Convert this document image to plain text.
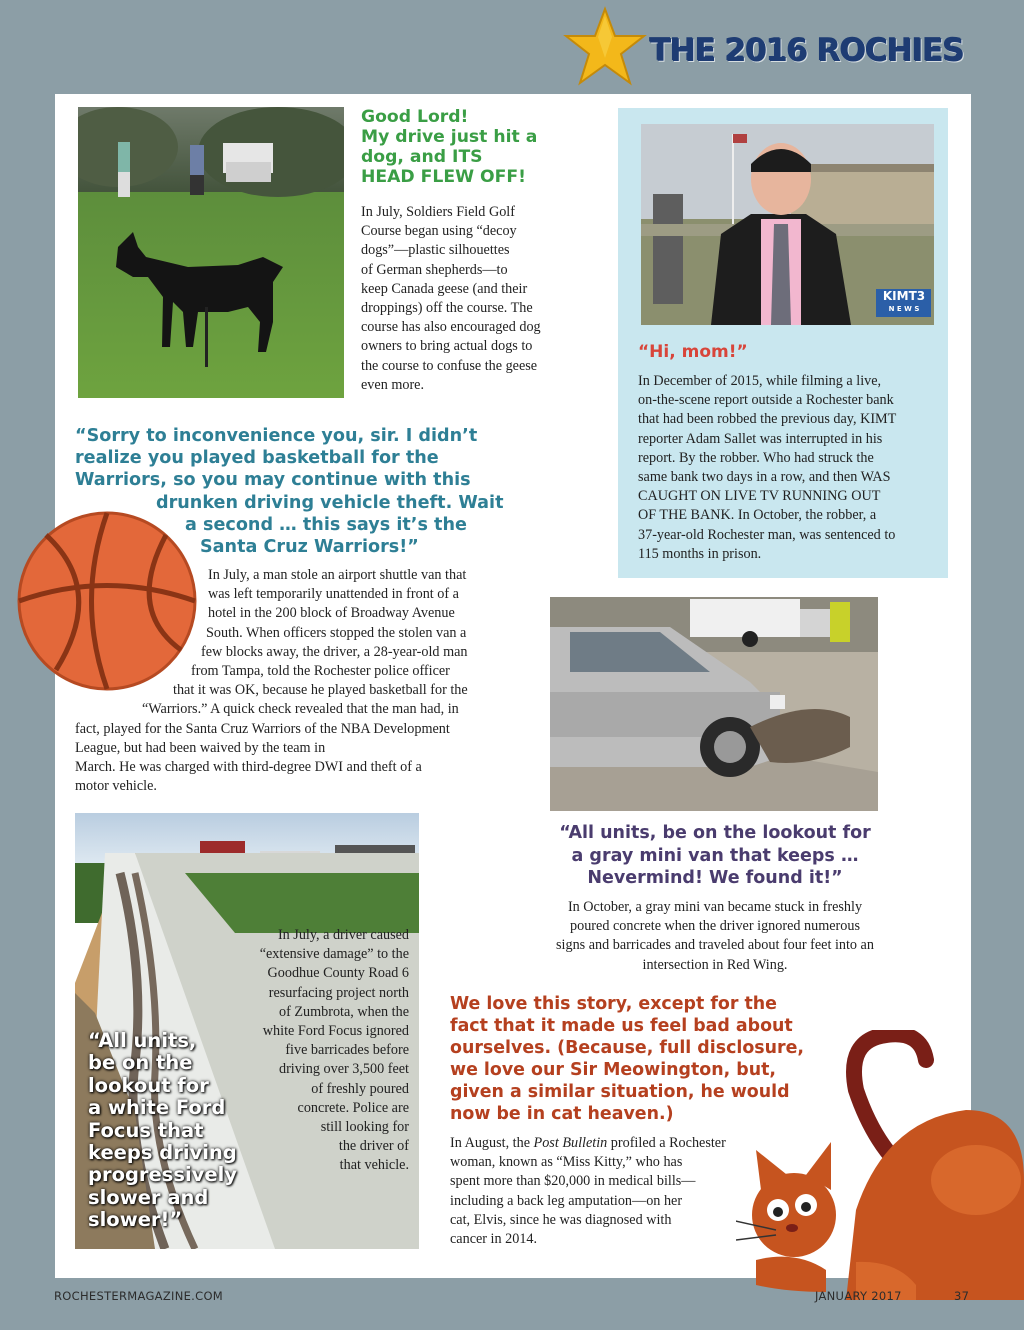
THE 2016 ROCHIES
Good Lord!
My drive just hit a
dog, and ITS
HEAD FLEW OFF!
In July, Soldiers Field Golf
Course began using “decoy
dogs”—plastic silhouettes
of German shepherds—to
keep Canada geese (and their
droppings) off the course. The
course has also encouraged dog
owners to bring actual dogs to
the course to confuse the geese
even more.
KIMT3
N E W S
“Hi, mom!”
In December of 2015, while filming a live,
on-the-scene report outside a Rochester bank
that had been robbed the previous day, KIMT
reporter Adam Sallet was interrupted in his
report. By the robber. Who had struck the
same bank two days in a row, and then WAS
CAUGHT ON LIVE TV RUNNING OUT
OF THE BANK. In October, the robber, a
37-year-old Rochester man, was sentenced to
115 months in prison.
“Sorry to inconvenience you, sir. I didn’t
realize you played basketball for the
Warriors, so you may continue with this
drunken driving vehicle theft. Wait
a second … this says it’s the
Santa Cruz Warriors!”
In July, a man stole an airport shuttle van that
was left temporarily unattended in front of a
hotel in the 200 block of Broadway Avenue
South. When officers stopped the stolen van a
few blocks away, the driver, a 28-year-old man
from Tampa, told the Rochester police officer
that it was OK, because he played basketball for the
“Warriors.” A quick check revealed that the man had, in
fact, played for the Santa Cruz Warriors of the NBA Development
League, but had been waived by the team in
March. He was charged with third-degree DWI and theft of a
motor vehicle.
“All units, be on the lookout for
a gray mini van that keeps …
Nevermind! We found it!”
In October, a gray mini van became stuck in freshly
poured concrete when the driver ignored numerous
signs and barricades and traveled about four feet into an
intersection in Red Wing.
In July, a driver caused
“extensive damage” to the
Goodhue County Road 6
resurfacing project north
of Zumbrota, when the
white Ford Focus ignored
five barricades before
driving over 3,500 feet
of freshly poured
concrete. Police are
still looking for
the driver of
that vehicle.
“All units,
be on the
lookout for
a white Ford
Focus that
keeps driving
progressively
slower and
slower!”
We love this story, except for the
fact that it made us feel bad about
ourselves. (Because, full disclosure,
we love our Sir Meowington, but,
given a similar situation, he would
now be in cat heaven.)
In August, the Post Bulletin profiled a Rochester
woman, known as “Miss Kitty,” who has
spent more than $20,000 in medical bills—
including a back leg amputation—on her
cat, Elvis, since he was diagnosed with
cancer in 2014.
ROCHESTERMAGAZINE.COM	JANUARY 2017	37
